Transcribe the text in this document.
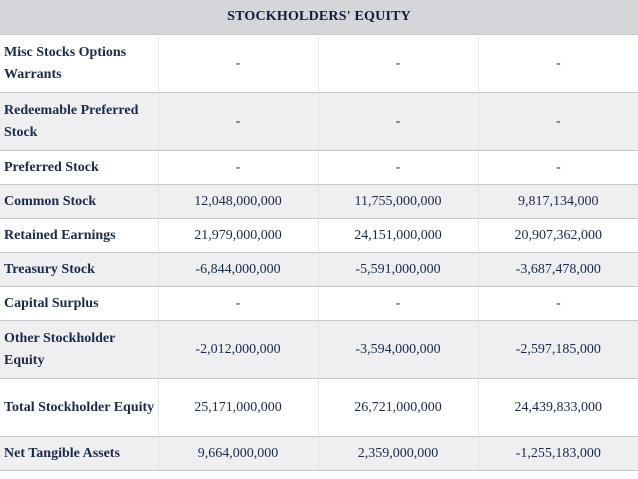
STOCKHOLDERS' EQUITY			
Misc Stocks Options Warrants	-	-	-
Redeemable Preferred Stock	-	-	-
Preferred Stock	-	-	-
Common Stock	12,048,000,000	11,755,000,000	9,817,134,000
Retained Earnings	21,979,000,000	24,151,000,000	20,907,362,000
Treasury Stock	-6,844,000,000	-5,591,000,000	-3,687,478,000
Capital Surplus	-	-	-
Other Stockholder Equity	-2,012,000,000	-3,594,000,000	-2,597,185,000
Total Stockholder Equity	25,171,000,000	26,721,000,000	24,439,833,000
Net Tangible Assets	9,664,000,000	2,359,000,000	-1,255,183,000
